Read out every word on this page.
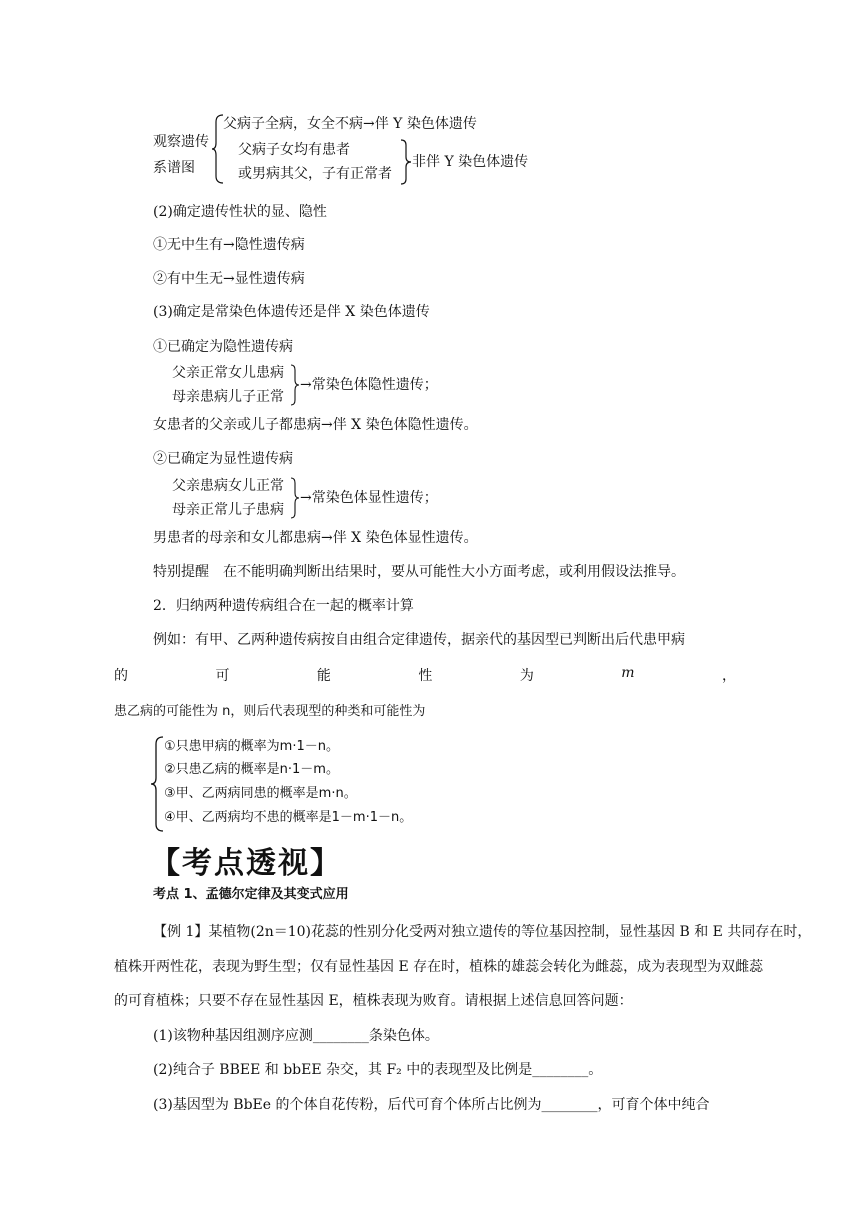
观察遗传
系谱图
父病子全病，女全不病→伴 Y 染色体遗传
父病子女均有患者
或男病其父，子有正常者
非伴 Y 染色体遗传
(2)确定遗传性状的显、隐性
①无中生有→隐性遗传病
②有中生无→显性遗传病
(3)确定是常染色体遗传还是伴 X 染色体遗传
①已确定为隐性遗传病
父亲正常女儿患病
母亲患病儿子正常
→常染色体隐性遗传；
女患者的父亲或儿子都患病→伴 X 染色体隐性遗传。
②已确定为显性遗传病
父亲患病女儿正常
母亲正常儿子患病
→常染色体显性遗传；
男患者的母亲和女儿都患病→伴 X 染色体显性遗传。
特别提醒　在不能明确判断出结果时，要从可能性大小方面考虑，或利用假设法推导。
2．归纳两种遗传病组合在一起的概率计算
例如：有甲、乙两种遗传病按自由组合定律遗传，据亲代的基因型已判断出后代患甲病
的	可	能	性	为	m	，
患乙病的可能性为 n，则后代表现型的种类和可能性为
①只患甲病的概率为m·1－n。
②只患乙病的概率是n·1－m。
③甲、乙两病同患的概率是m·n。
④甲、乙两病均不患的概率是1－m·1－n。
【考点透视】
考点 1、孟德尔定律及其变式应用
【例 1】某植物(2n＝10)花蕊的性别分化受两对独立遗传的等位基因控制，显性基因 B 和 E 共同存在时，
植株开两性花，表现为野生型；仅有显性基因 E 存在时，植株的雄蕊会转化为雌蕊，成为表现型为双雌蕊
的可育植株；只要不存在显性基因 E，植株表现为败育。请根据上述信息回答问题：
(1)该物种基因组测序应测________条染色体。
(2)纯合子 BBEE 和 bbEE 杂交，其 F₂ 中的表现型及比例是________。
(3)基因型为 BbEe 的个体自花传粉，后代可育个体所占比例为________，可育个体中纯合
